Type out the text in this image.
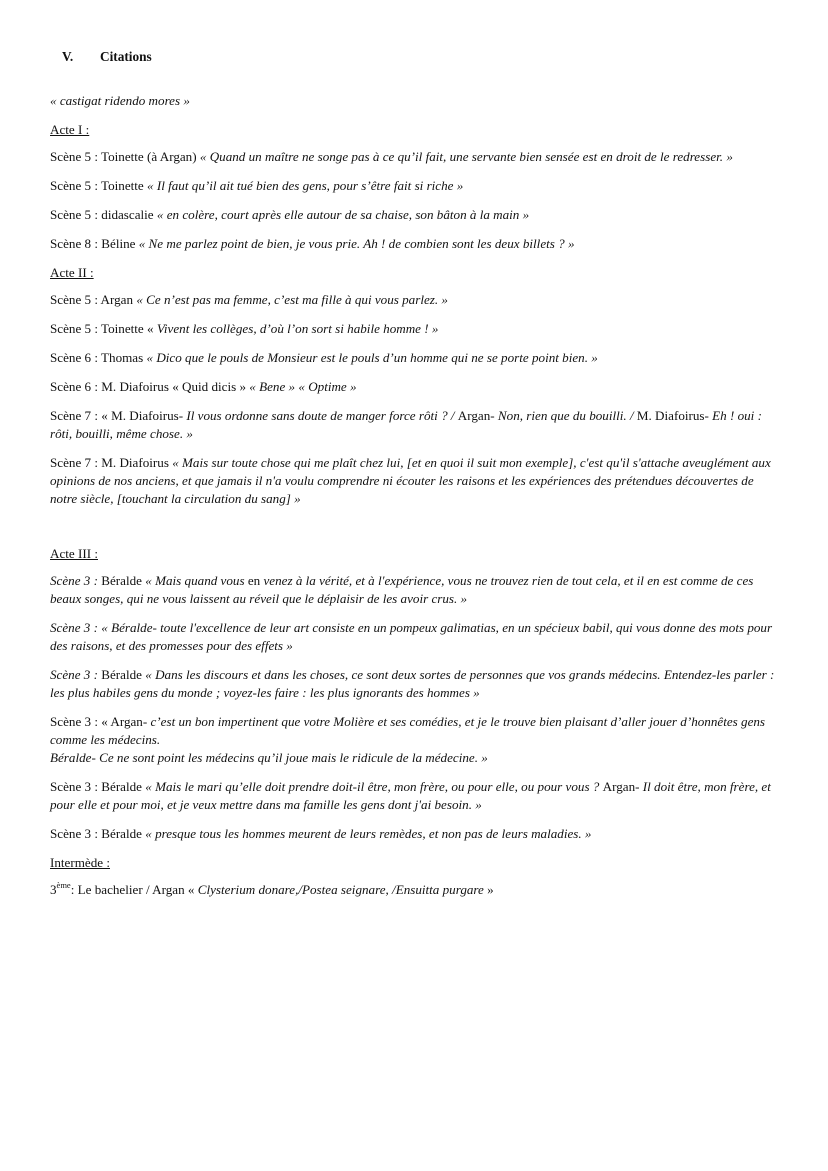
V. Citations

« castigat ridendo mores »

Acte I :

Scène 5 : Toinette (à Argan) « Quand un maître ne songe pas à ce qu’il fait, une servante bien sensée est en droit de le redresser. »

Scène 5 : Toinette « Il faut qu’il ait tué bien des gens, pour s’être fait si riche »

Scène 5 : didascalie « en colère, court après elle autour de sa chaise, son bâton à la main »

Scène 8 : Béline « Ne me parlez point de bien, je vous prie. Ah ! de combien sont les deux billets ? »

Acte II :

Scène 5 : Argan « Ce n’est pas ma femme, c’est ma fille à qui vous parlez. »

Scène 5 : Toinette « Vivent les collèges, d’où l’on sort si habile homme ! »

Scène 6 : Thomas « Dico que le pouls de Monsieur est le pouls d’un homme qui ne se porte point bien. »

Scène 6 : M. Diafoirus « Quid dicis » « Bene » « Optime »

Scène 7 : « M. Diafoirus- Il vous ordonne sans doute de manger force rôti ? / Argan- Non, rien que du bouilli. / M. Diafoirus- Eh ! oui : rôti, bouilli, même chose. »

Scène 7 : M. Diafoirus « Mais sur toute chose qui me plaît chez lui, [et en quoi il suit mon exemple], c'est qu'il s'attache aveuglément aux opinions de nos anciens, et que jamais il n'a voulu comprendre ni écouter les raisons et les expériences des prétendues découvertes de notre siècle, [touchant la circulation du sang] »

Acte III :

Scène 3 : Béralde « Mais quand vous en venez à la vérité, et à l'expérience, vous ne trouvez rien de tout cela, et il en est comme de ces beaux songes, qui ne vous laissent au réveil que le déplaisir de les avoir crus. »

Scène 3 : « Béralde- toute l'excellence de leur art consiste en un pompeux galimatias, en un spécieux babil, qui vous donne des mots pour des raisons, et des promesses pour des effets »

Scène 3 : Béralde « Dans les discours et dans les choses, ce sont deux sortes de personnes que vos grands médecins. Entendez-les parler : les plus habiles gens du monde ; voyez-les faire : les plus ignorants des hommes »

Scène 3 : « Argan- c’est un bon impertinent que votre Molière et ses comédies, et je le trouve bien plaisant d’aller jouer d’honnêtes gens comme les médecins.
Béralde- Ce ne sont point les médecins qu’il joue mais le ridicule de la médecine. »

Scène 3 : Béralde « Mais le mari qu’elle doit prendre doit-il être, mon frère, ou pour elle, ou pour vous ? Argan- Il doit être, mon frère, et pour elle et pour moi, et je veux mettre dans ma famille les gens dont j'ai besoin. »

Scène 3 : Béralde « presque tous les hommes meurent de leurs remèdes, et non pas de leurs maladies. »

Intermède :

3ème: Le bachelier / Argan « Clysterium donare,/Postea seignare, /Ensuitta purgare »
